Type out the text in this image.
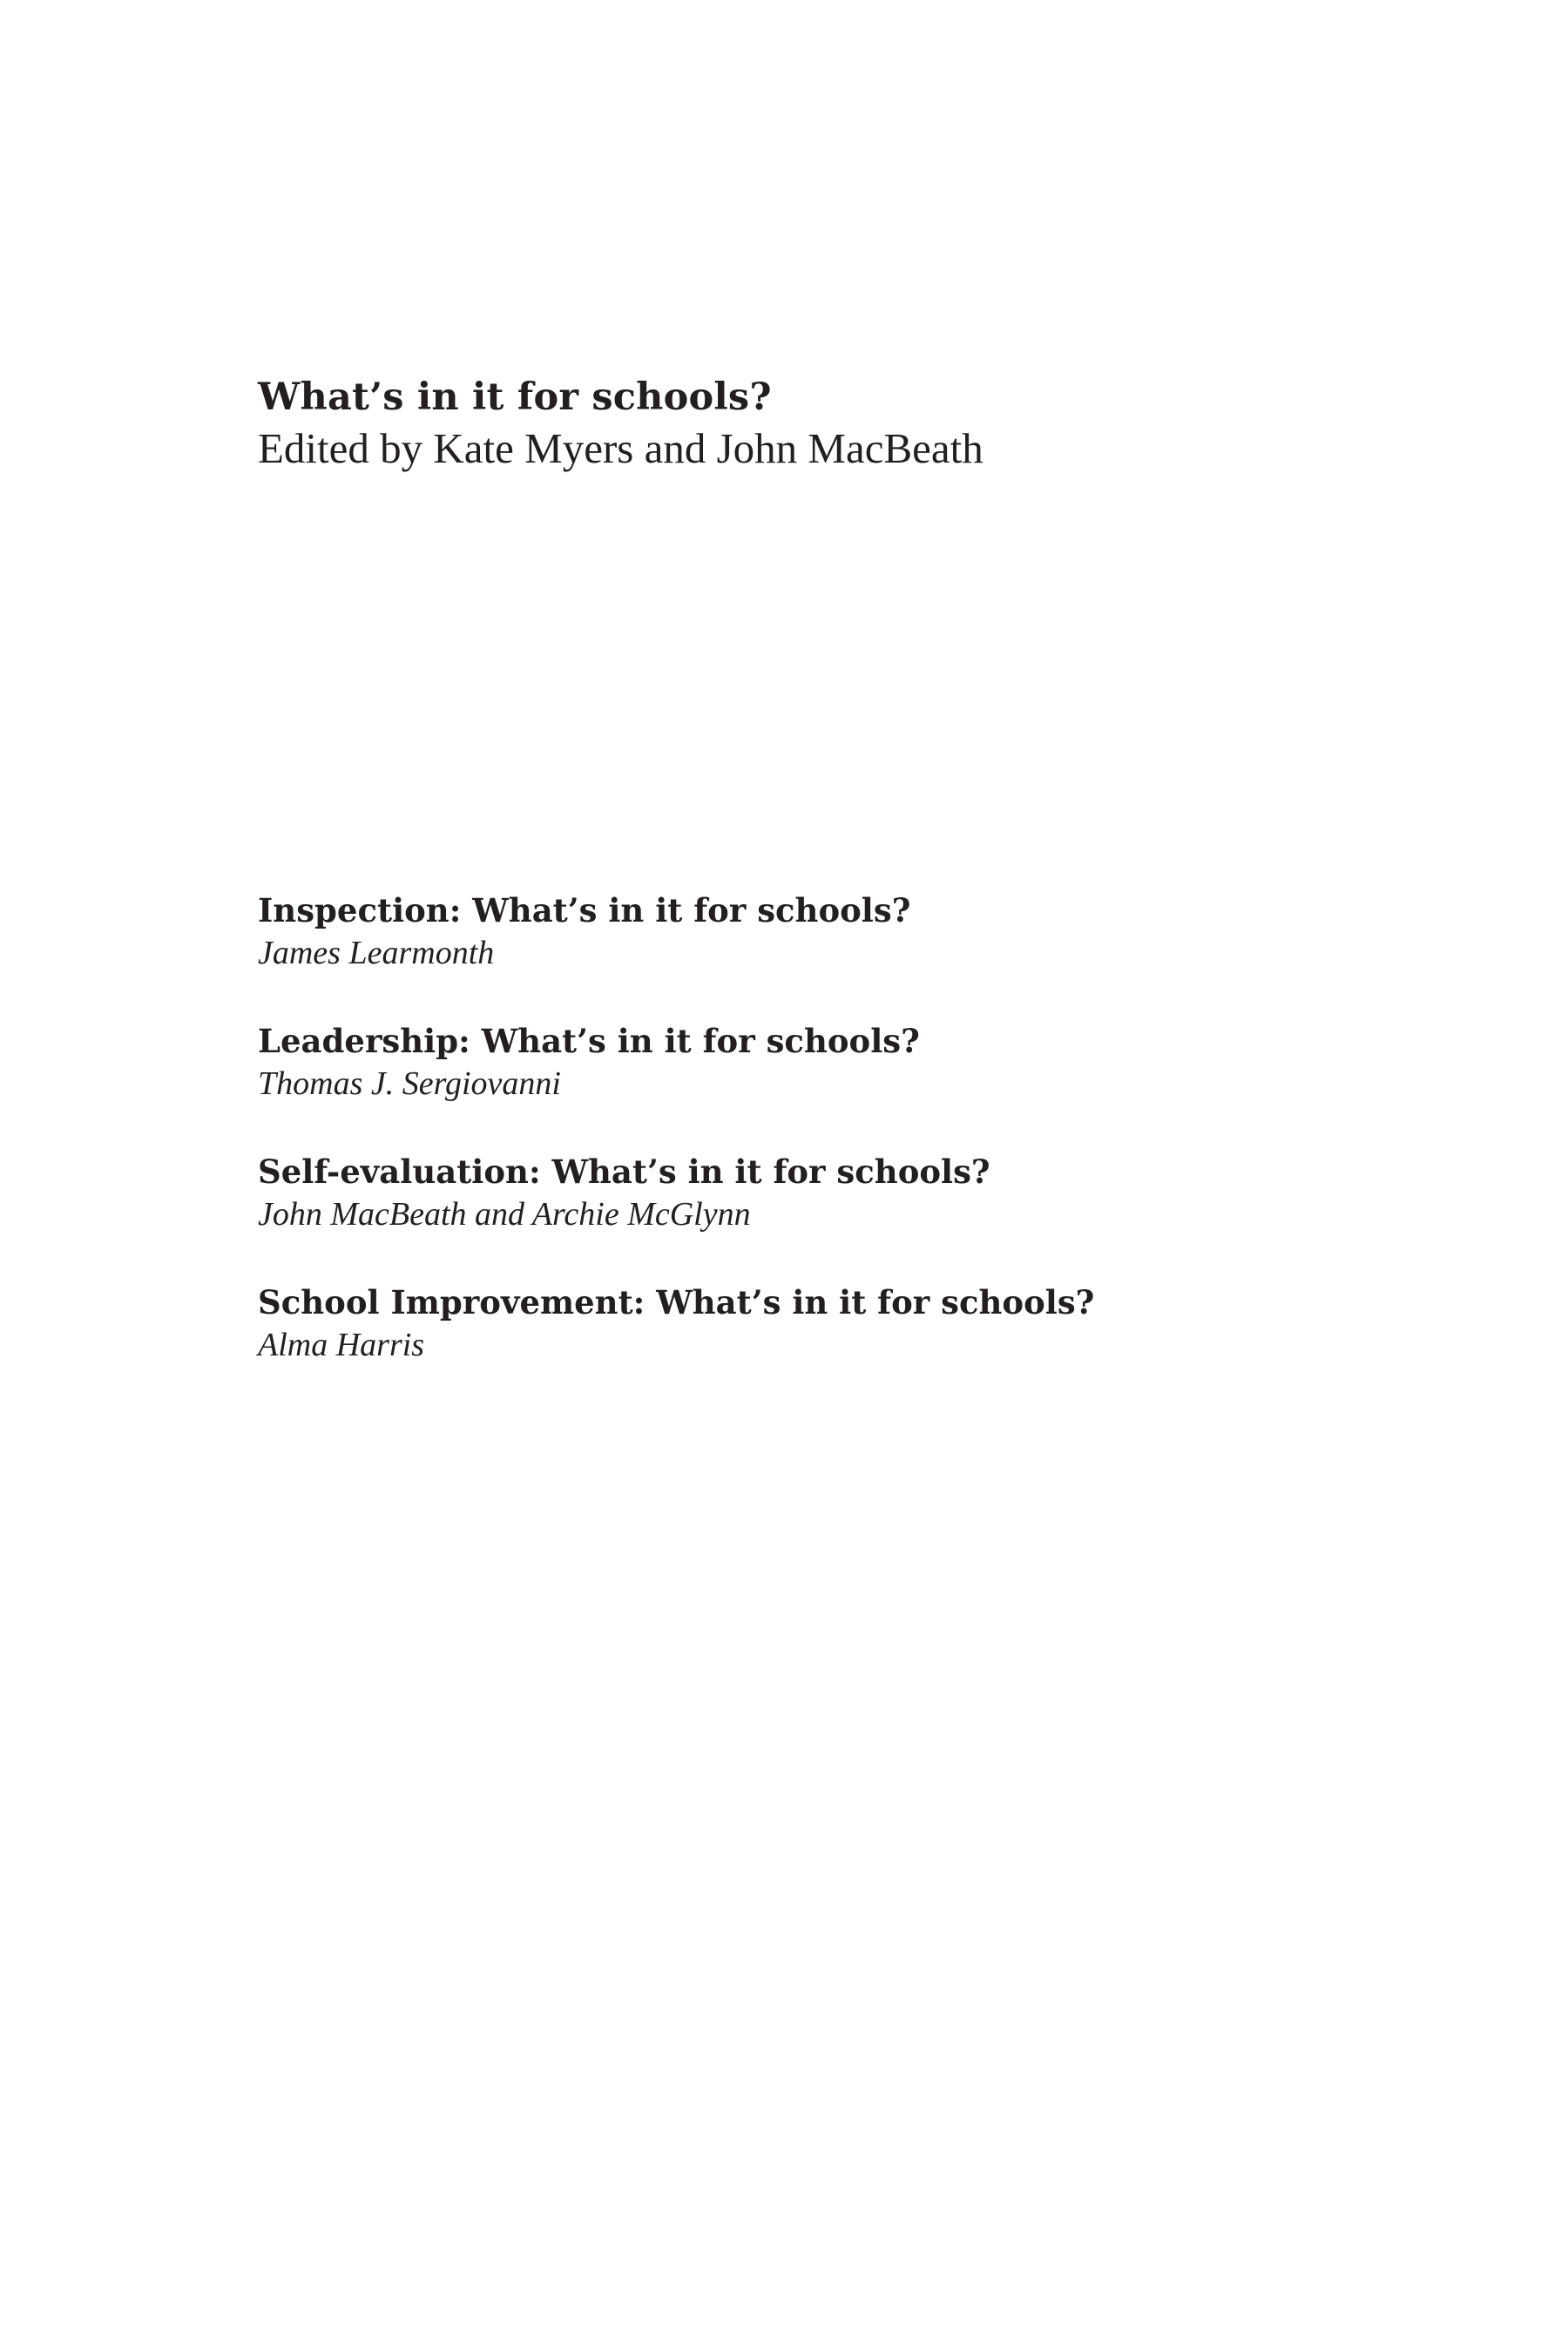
What’s in it for schools?

Edited by Kate Myers and John MacBeath

Inspection: What’s in it for schools?

James Learmonth

Leadership: What’s in it for schools?

Thomas J. Sergiovanni

Self-evaluation: What’s in it for schools?

John MacBeath and Archie McGlynn

School Improvement: What’s in it for schools?

Alma Harris
